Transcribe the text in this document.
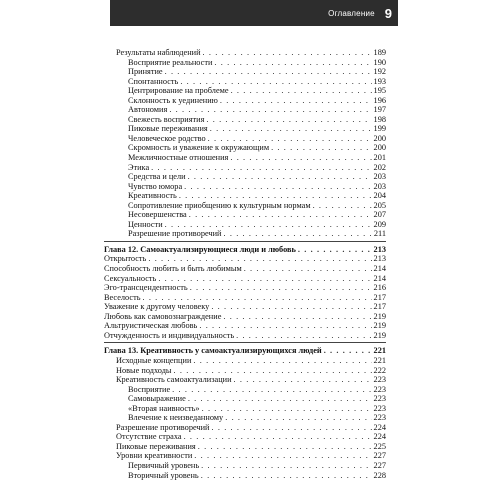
Оглавление 9
Результаты наблюдений . . .	189
Восприятие реальности . . .	190
Принятие . . .	192
Спонтанность . . .	193
Центрирование на проблеме . . .	195
Склонность к уединению . . .	196
Автономия . . .	197
Свежесть восприятия . . .	198
Пиковые переживания . . .	199
Человеческое родство . . .	200
Скромность и уважение к окружающим . . .	200
Межличностные отношения . . .	201
Этика . . .	202
Средства и цели . . .	203
Чувство юмора . . .	203
Креативность . . .	204
Сопротивление приобщению к культурным нормам . . .	205
Несовершенства . . .	207
Ценности . . .	209
Разрешение противоречий . . .	211
Глава 12. Самоактуализирующиеся люди и любовь . . .	213
Открытость . . .	213
Способность любить и быть любимым . . .	214
Сексуальность . . .	214
Эго-трансцендентность . . .	216
Веселость . . .	217
Уважение к другому человеку . . .	217
Любовь как самовознаграждение . . .	219
Альтруистическая любовь . . .	219
Отчужденность и индивидуальность . . .	219
Глава 13. Креативность у самоактуализирующихся людей . . .	221
Исходные концепции . . .	221
Новые подходы . . .	222
Креативность самоактуализации . . .	223
Восприятие . . .	223
Самовыражение . . .	223
«Вторая наивность» . . .	223
Влечение к неизведанному . . .	223
Разрешение противоречий . . .	224
Отсутствие страха . . .	224
Пиковые переживания . . .	225
Уровни креативности . . .	227
Первичный уровень . . .	227
Вторичный уровень . . .	228
